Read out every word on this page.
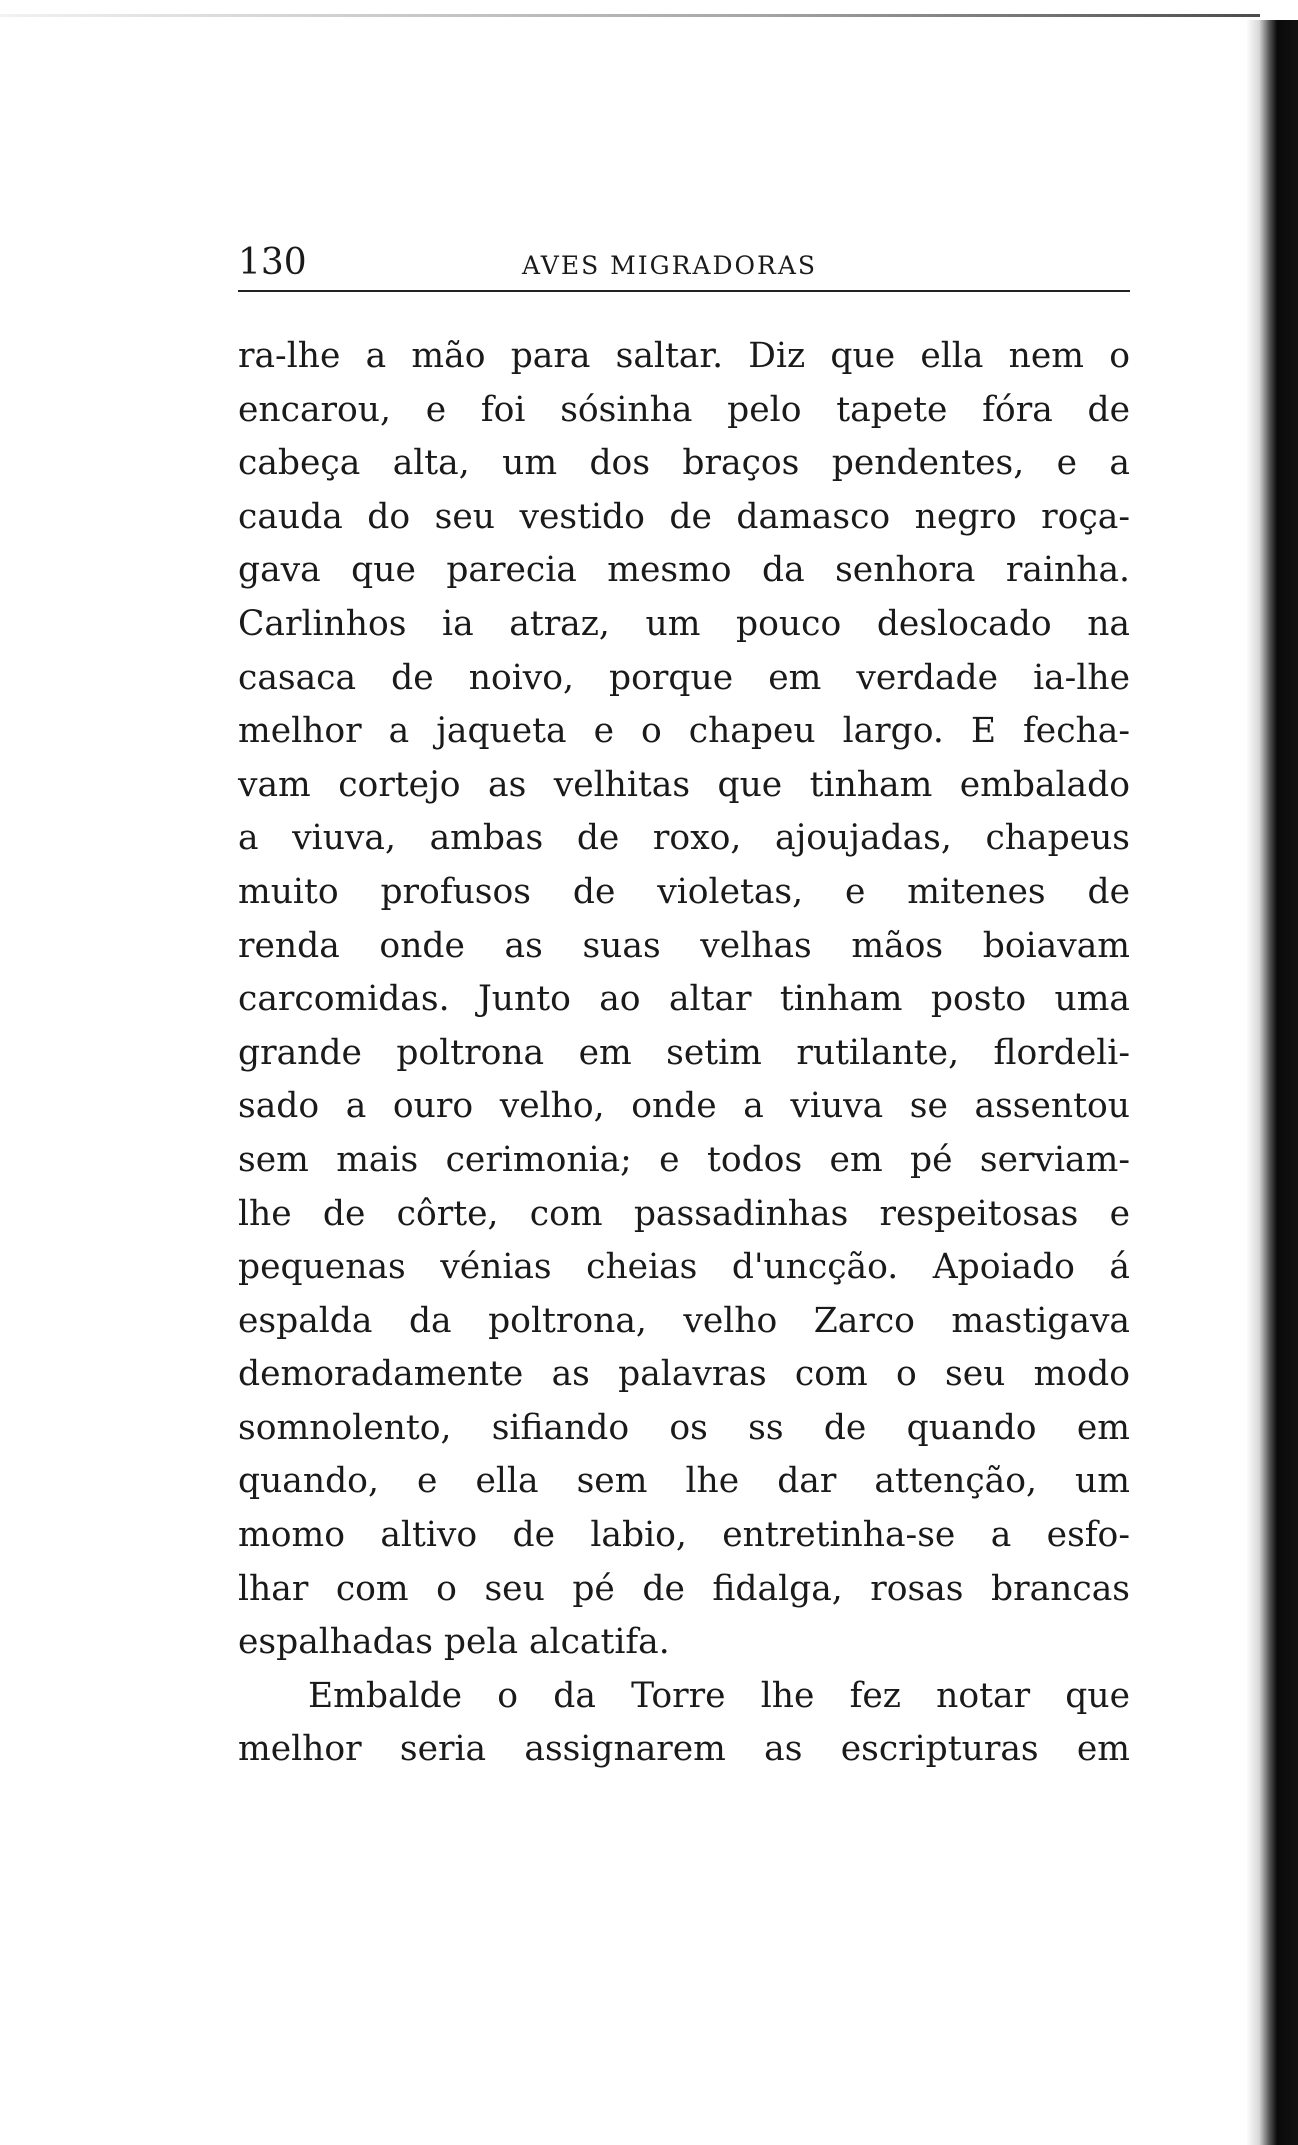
130	AVES MIGRADORAS

ra-lhe a mão para saltar. Diz que ella nem o

encarou, e foi sósinha pelo tapete fóra de

cabeça alta, um dos braços pendentes, e a

cauda do seu vestido de damasco negro roça-

gava que parecia mesmo da senhora rainha.

Carlinhos ia atraz, um pouco deslocado na

casaca de noivo, porque em verdade ia-lhe

melhor a jaqueta e o chapeu largo. E fecha-

vam cortejo as velhitas que tinham embalado

a viuva, ambas de roxo, ajoujadas, chapeus

muito profusos de violetas, e mitenes de

renda onde as suas velhas mãos boiavam

carcomidas. Junto ao altar tinham posto uma

grande poltrona em setim rutilante, flordeli-

sado a ouro velho, onde a viuva se assentou

sem mais cerimonia; e todos em pé serviam-

lhe de côrte, com passadinhas respeitosas e

pequenas vénias cheias d'uncção. Apoiado á

espalda da poltrona, velho Zarco mastigava

demoradamente as palavras com o seu modo

somnolento, sifiando os ss de quando em

quando, e ella sem lhe dar attenção, um

momo altivo de labio, entretinha-se a esfo-

lhar com o seu pé de fidalga, rosas brancas

espalhadas pela alcatifa.

Embalde o da Torre lhe fez notar que

melhor seria assignarem as escripturas em
